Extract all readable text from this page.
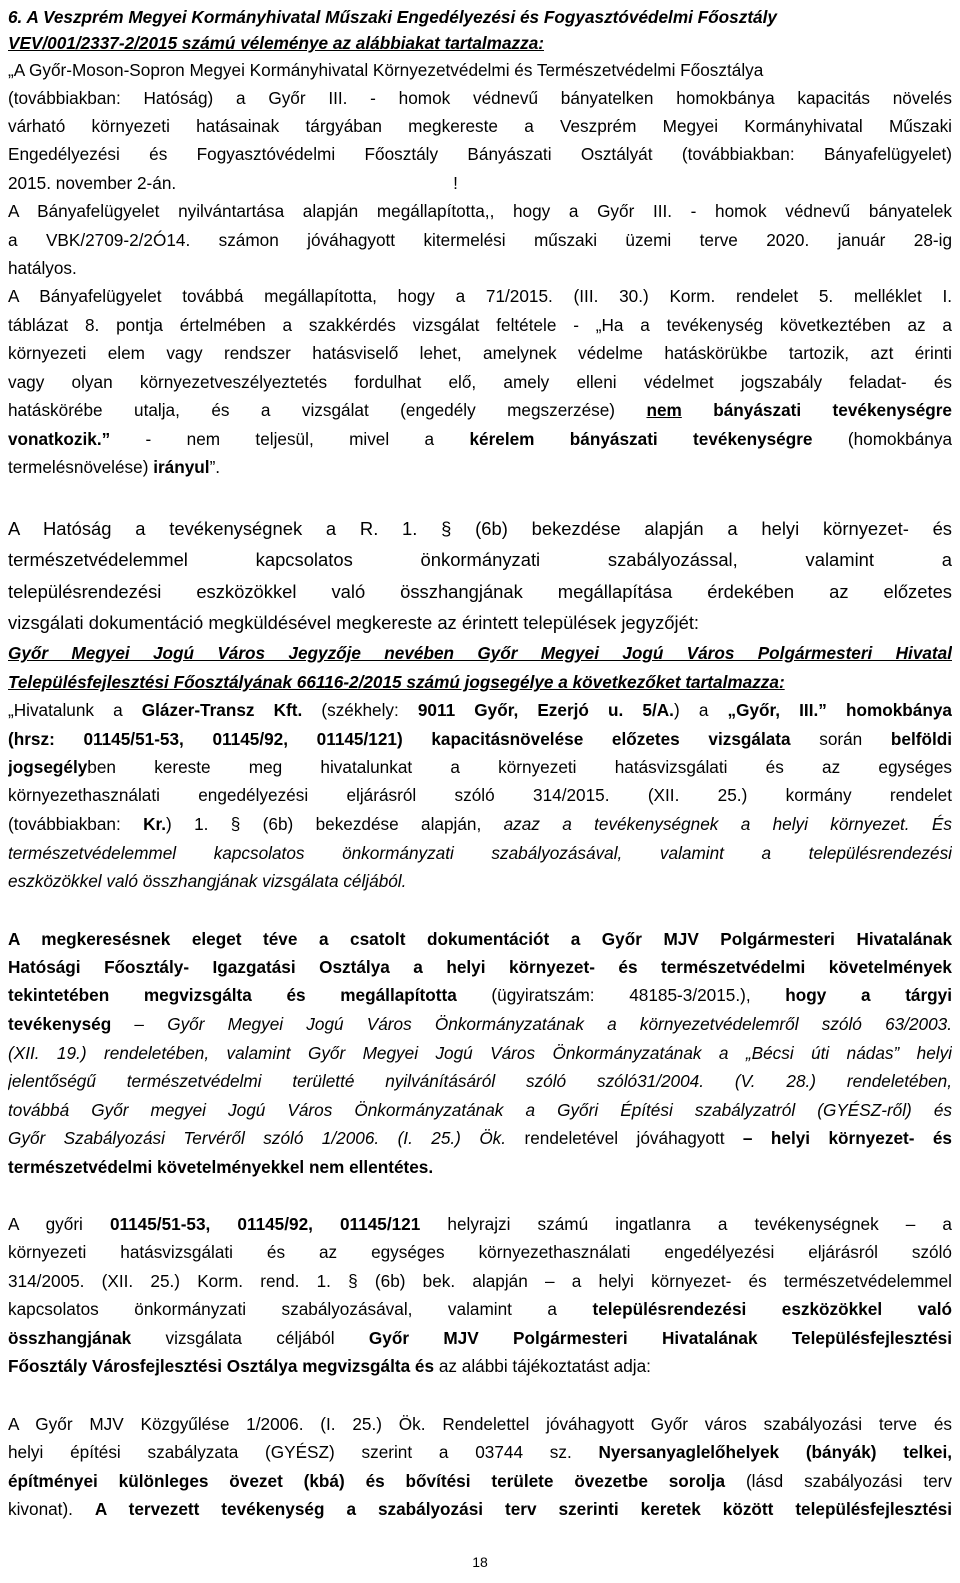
6. A Veszprém Megyei Kormányhivatal Műszaki Engedélyezési és Fogyasztóvédelmi Főosztály
VEV/001/2337-2/2015 számú véleménye az alábbiakat tartalmazza:
„A Győr-Moson-Sopron Megyei Kormányhivatal Környezetvédelmi és Természetvédelmi Főosztálya
(továbbiakban: Hatóság) a Győr III. - homok védnevű bányatelken homokbánya kapacitás növelés
várható környezeti hatásainak tárgyában megkereste a Veszprém Megyei Kormányhivatal Műszaki
Engedélyezési és Fogyasztóvédelmi Főosztály Bányászati Osztályát (továbbiakban: Bányafelügyelet)
2015. november 2-án.                                                          !
A Bányafelügyelet nyilvántartása alapján megállapította,, hogy a Győr III. - homok védnevű bányatelek
a VBK/2709-2/2Ó14. számon jóváhagyott kitermelési műszaki üzemi terve 2020. január 28-ig
hatályos.
A Bányafelügyelet továbbá megállapította, hogy a 71/2015. (III. 30.) Korm. rendelet 5. melléklet I.
táblázat 8. pontja értelmében a szakkérdés vizsgálat feltétele - „Ha a tevékenység következtében az a
környezeti elem vagy rendszer hatásviselő lehet, amelynek védelme hatáskörükbe tartozik, azt érinti
vagy olyan környezetveszélyeztetés fordulhat elő, amely elleni védelmet jogszabály feladat- és
hatáskörébe utalja, és a vizsgálat (engedély megszerzése) nem bányászati tevékenységre
vonatkozik.” - nem teljesül, mivel a kérelem bányászati tevékenységre (homokbánya
termelésnövelése) irányul”.
A Hatóság a tevékenységnek a R. 1. § (6b) bekezdése alapján a helyi környezet- és
természetvédelemmel kapcsolatos önkormányzati szabályozással, valamint a
településrendezési eszközökkel való összhangjának megállapítása érdekében az előzetes
vizsgálati dokumentáció megküldésével megkereste az érintett települések jegyzőjét:
Győr Megyei Jogú Város Jegyzője nevében Győr Megyei Jogú Város Polgármesteri Hivatal
Településfejlesztési Főosztályának 66116-2/2015 számú jogsegélye a következőket tartalmazza:
„Hivatalunk a Glázer-Transz Kft. (székhely: 9011 Győr, Ezerjó u. 5/A.) a „Győr, III.” homokbánya
(hrsz: 01145/51-53, 01145/92, 01145/121) kapacitásnövelése előzetes vizsgálata során belföldi
jogsegélyben kereste meg hivatalunkat a környezeti hatásvizsgálati és az egységes
környezethasználati engedélyezési eljárásról szóló 314/2015. (XII. 25.) kormány rendelet
(továbbiakban: Kr.) 1. § (6b) bekezdése alapján, azaz a tevékenységnek a helyi környezet. És
természetvédelemmel kapcsolatos önkormányzati szabályozásával, valamint a településrendezési
eszközökkel való összhangjának vizsgálata céljából.
A megkeresésnek eleget téve a csatolt dokumentációt a Győr MJV Polgármesteri Hivatalának
Hatósági Főosztály- Igazgatási Osztálya a helyi környezet- és természetvédelmi követelmények
tekintetében megvizsgálta és megállapította (ügyiratszám: 48185-3/2015.), hogy a tárgyi
tevékenység – Győr Megyei Jogú Város Önkormányzatának a környezetvédelemről szóló 63/2003.
(XII. 19.) rendeletében, valamint Győr Megyei Jogú Város Önkormányzatának a „Bécsi úti nádas” helyi
jelentőségű természetvédelmi területté nyilvánításáról szóló szóló31/2004. (V. 28.) rendeletében,
továbbá Győr megyei Jogú Város Önkormányzatának a Győri Építési szabályzatról (GYÉSZ-ről) és
Győr Szabályozási Tervéről szóló 1/2006. (I. 25.) Ök. rendeletével jóváhagyott – helyi környezet- és
természetvédelmi követelményekkel nem ellentétes.
A győri 01145/51-53, 01145/92, 01145/121 helyrajzi számú ingatlanra a tevékenységnek – a
környezeti hatásvizsgálati és az egységes környezethasználati engedélyezési eljárásról szóló
314/2005. (XII. 25.) Korm. rend. 1. § (6b) bek. alapján – a helyi környezet- és természetvédelemmel
kapcsolatos önkormányzati szabályozásával, valamint a településrendezési eszközökkel való
összhangjának vizsgálata céljából Győr MJV Polgármesteri Hivatalának Településfejlesztési
Főosztály Városfejlesztési Osztálya megvizsgálta és az alábbi tájékoztatást adja:
A Győr MJV Közgyűlése 1/2006. (I. 25.) Ök. Rendelettel jóváhagyott Győr város szabályozási terve és
helyi építési szabályzata (GYÉSZ) szerint a 03744 sz. Nyersanyaglelőhelyek (bányák) telkei,
építményei különleges övezet (kbá) és bővítési területe övezetbe sorolja (lásd szabályozási terv
kivonat). A tervezett tevékenység a szabályozási terv szerinti keretek között településfejlesztési
18
